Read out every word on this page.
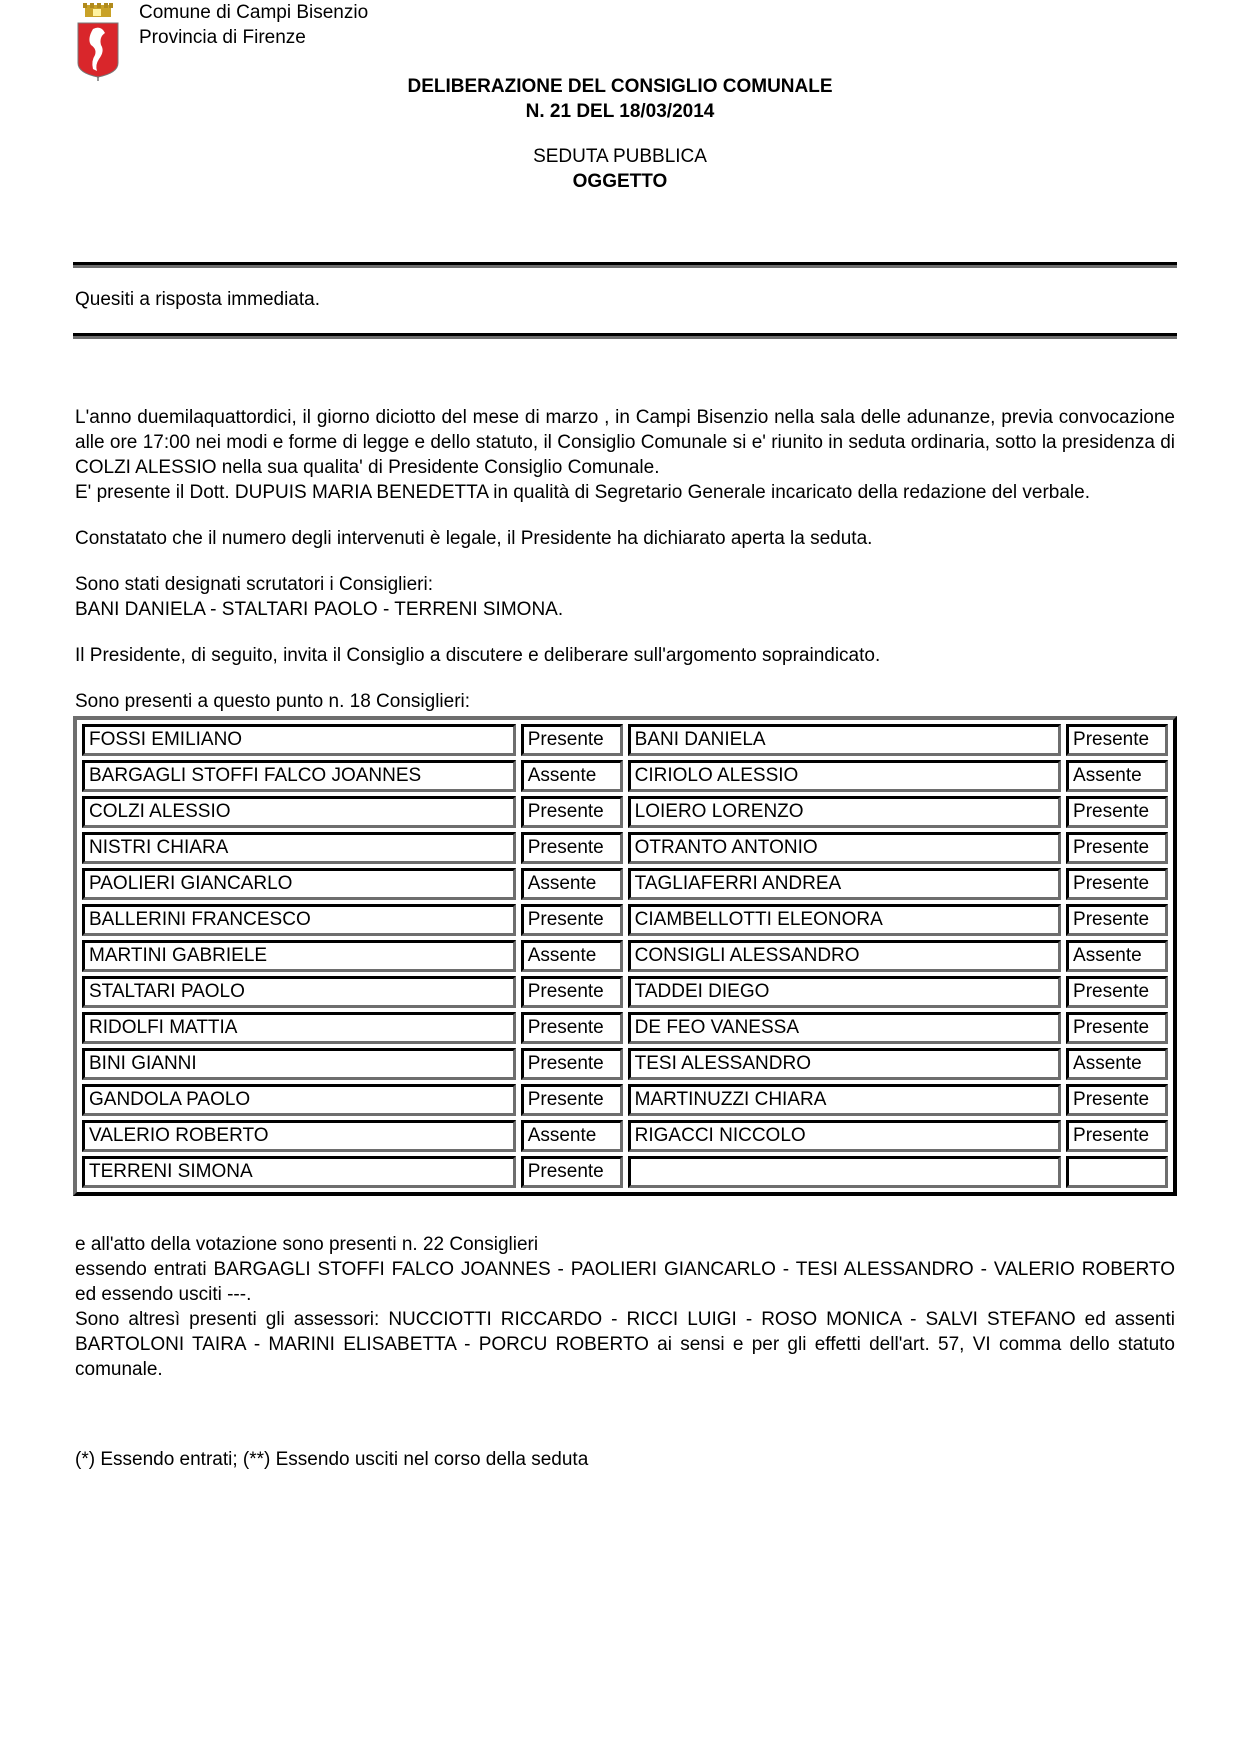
Comune di Campi Bisenzio
Provincia di Firenze
DELIBERAZIONE DEL CONSIGLIO COMUNALE
N. 21 DEL 18/03/2014
SEDUTA PUBBLICA
OGGETTO
Quesiti a risposta immediata.
L'anno duemilaquattordici, il giorno diciotto del mese di marzo , in Campi Bisenzio nella sala delle adunanze, previa convocazione alle ore 17:00 nei modi e forme di legge e dello statuto, il Consiglio Comunale si e' riunito in seduta ordinaria, sotto la presidenza di COLZI ALESSIO nella sua qualita' di Presidente Consiglio Comunale.
E' presente il Dott. DUPUIS MARIA BENEDETTA in qualità di Segretario Generale incaricato della redazione del verbale.
Constatato che il numero degli intervenuti è legale, il Presidente ha dichiarato aperta la seduta.
Sono stati designati scrutatori i Consiglieri:
BANI DANIELA - STALTARI PAOLO - TERRENI SIMONA.
Il Presidente, di seguito, invita il Consiglio a discutere e deliberare sull'argomento sopraindicato.
Sono presenti a questo punto n. 18 Consiglieri:
FOSSI EMILIANO	Presente	BANI DANIELA	Presente
BARGAGLI STOFFI FALCO JOANNES	Assente	CIRIOLO ALESSIO	Assente
COLZI ALESSIO	Presente	LOIERO LORENZO	Presente
NISTRI CHIARA	Presente	OTRANTO ANTONIO	Presente
PAOLIERI GIANCARLO	Assente	TAGLIAFERRI ANDREA	Presente
BALLERINI FRANCESCO	Presente	CIAMBELLOTTI ELEONORA	Presente
MARTINI GABRIELE	Assente	CONSIGLI ALESSANDRO	Assente
STALTARI PAOLO	Presente	TADDEI DIEGO	Presente
RIDOLFI MATTIA	Presente	DE FEO VANESSA	Presente
BINI GIANNI	Presente	TESI ALESSANDRO	Assente
GANDOLA PAOLO	Presente	MARTINUZZI CHIARA	Presente
VALERIO ROBERTO	Assente	RIGACCI NICCOLO	Presente
TERRENI SIMONA	Presente		
e all'atto della votazione sono presenti n. 22 Consiglieri
essendo entrati BARGAGLI STOFFI FALCO JOANNES - PAOLIERI GIANCARLO - TESI ALESSANDRO - VALERIO ROBERTO ed essendo usciti ---.
Sono altresì presenti gli assessori: NUCCIOTTI RICCARDO - RICCI LUIGI - ROSO MONICA - SALVI STEFANO ed assenti BARTOLONI TAIRA - MARINI ELISABETTA - PORCU ROBERTO ai sensi e per gli effetti dell'art. 57, VI comma dello statuto comunale.
(*) Essendo entrati; (**) Essendo usciti nel corso della seduta
